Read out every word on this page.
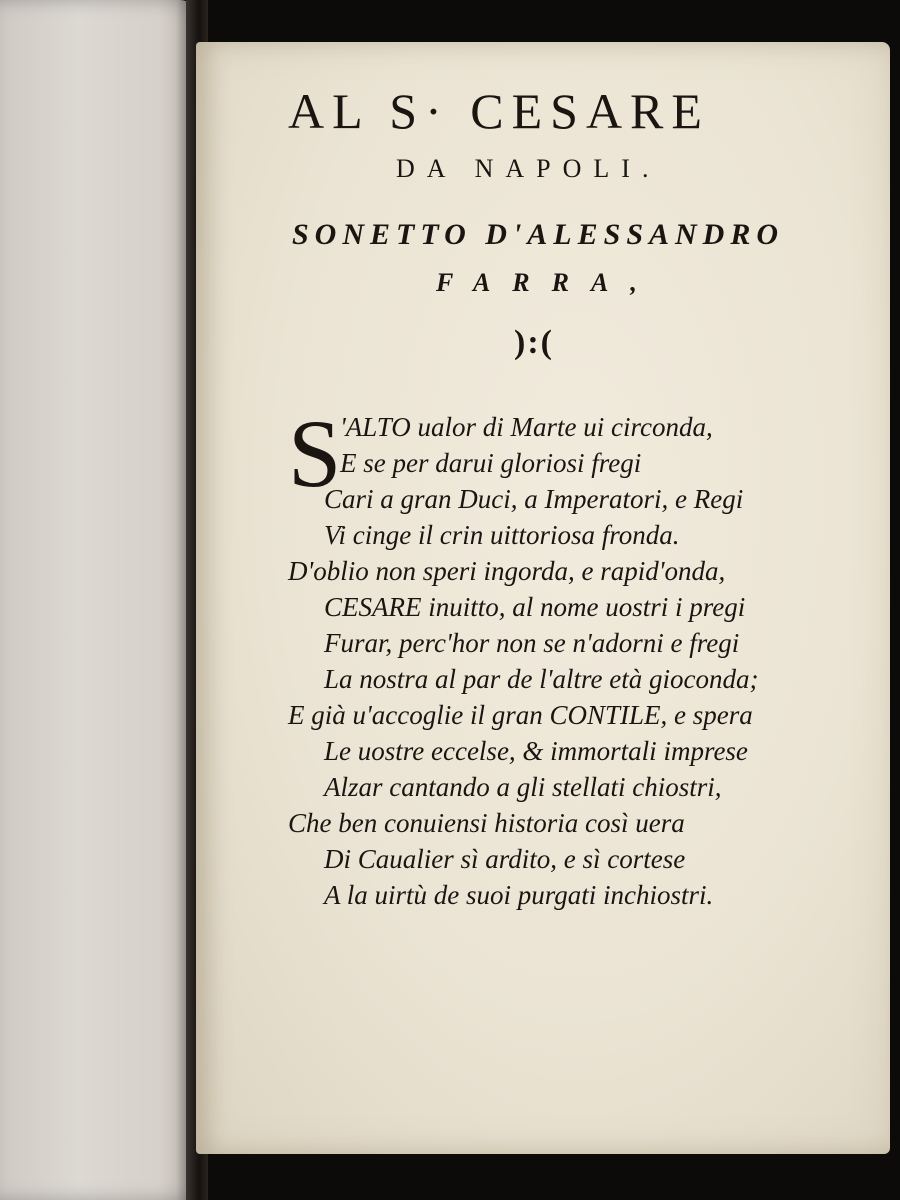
AL S· CESARE
DA NAPOLI.
SONETTO D'ALESSANDRO
FARRA,
):(
S
'ALTO ualor di Marte ui circonda,
E se per darui gloriosi fregi
Cari a gran Duci, a Imperatori, e Regi
Vi cinge il crin uittoriosa fronda.
D'oblio non speri ingorda, e rapid'onda,
CESARE inuitto, al nome uostri i pregi
Furar, perc'hor non se n'adorni e fregi
La nostra al par de l'altre età gioconda;
E già u'accoglie il gran CONTILE, e spera
Le uostre eccelse, & immortali imprese
Alzar cantando a gli stellati chiostri,
Che ben conuiensi historia così uera
Di Caualier sì ardito, e sì cortese
A la uirtù de suoi purgati inchiostri.
